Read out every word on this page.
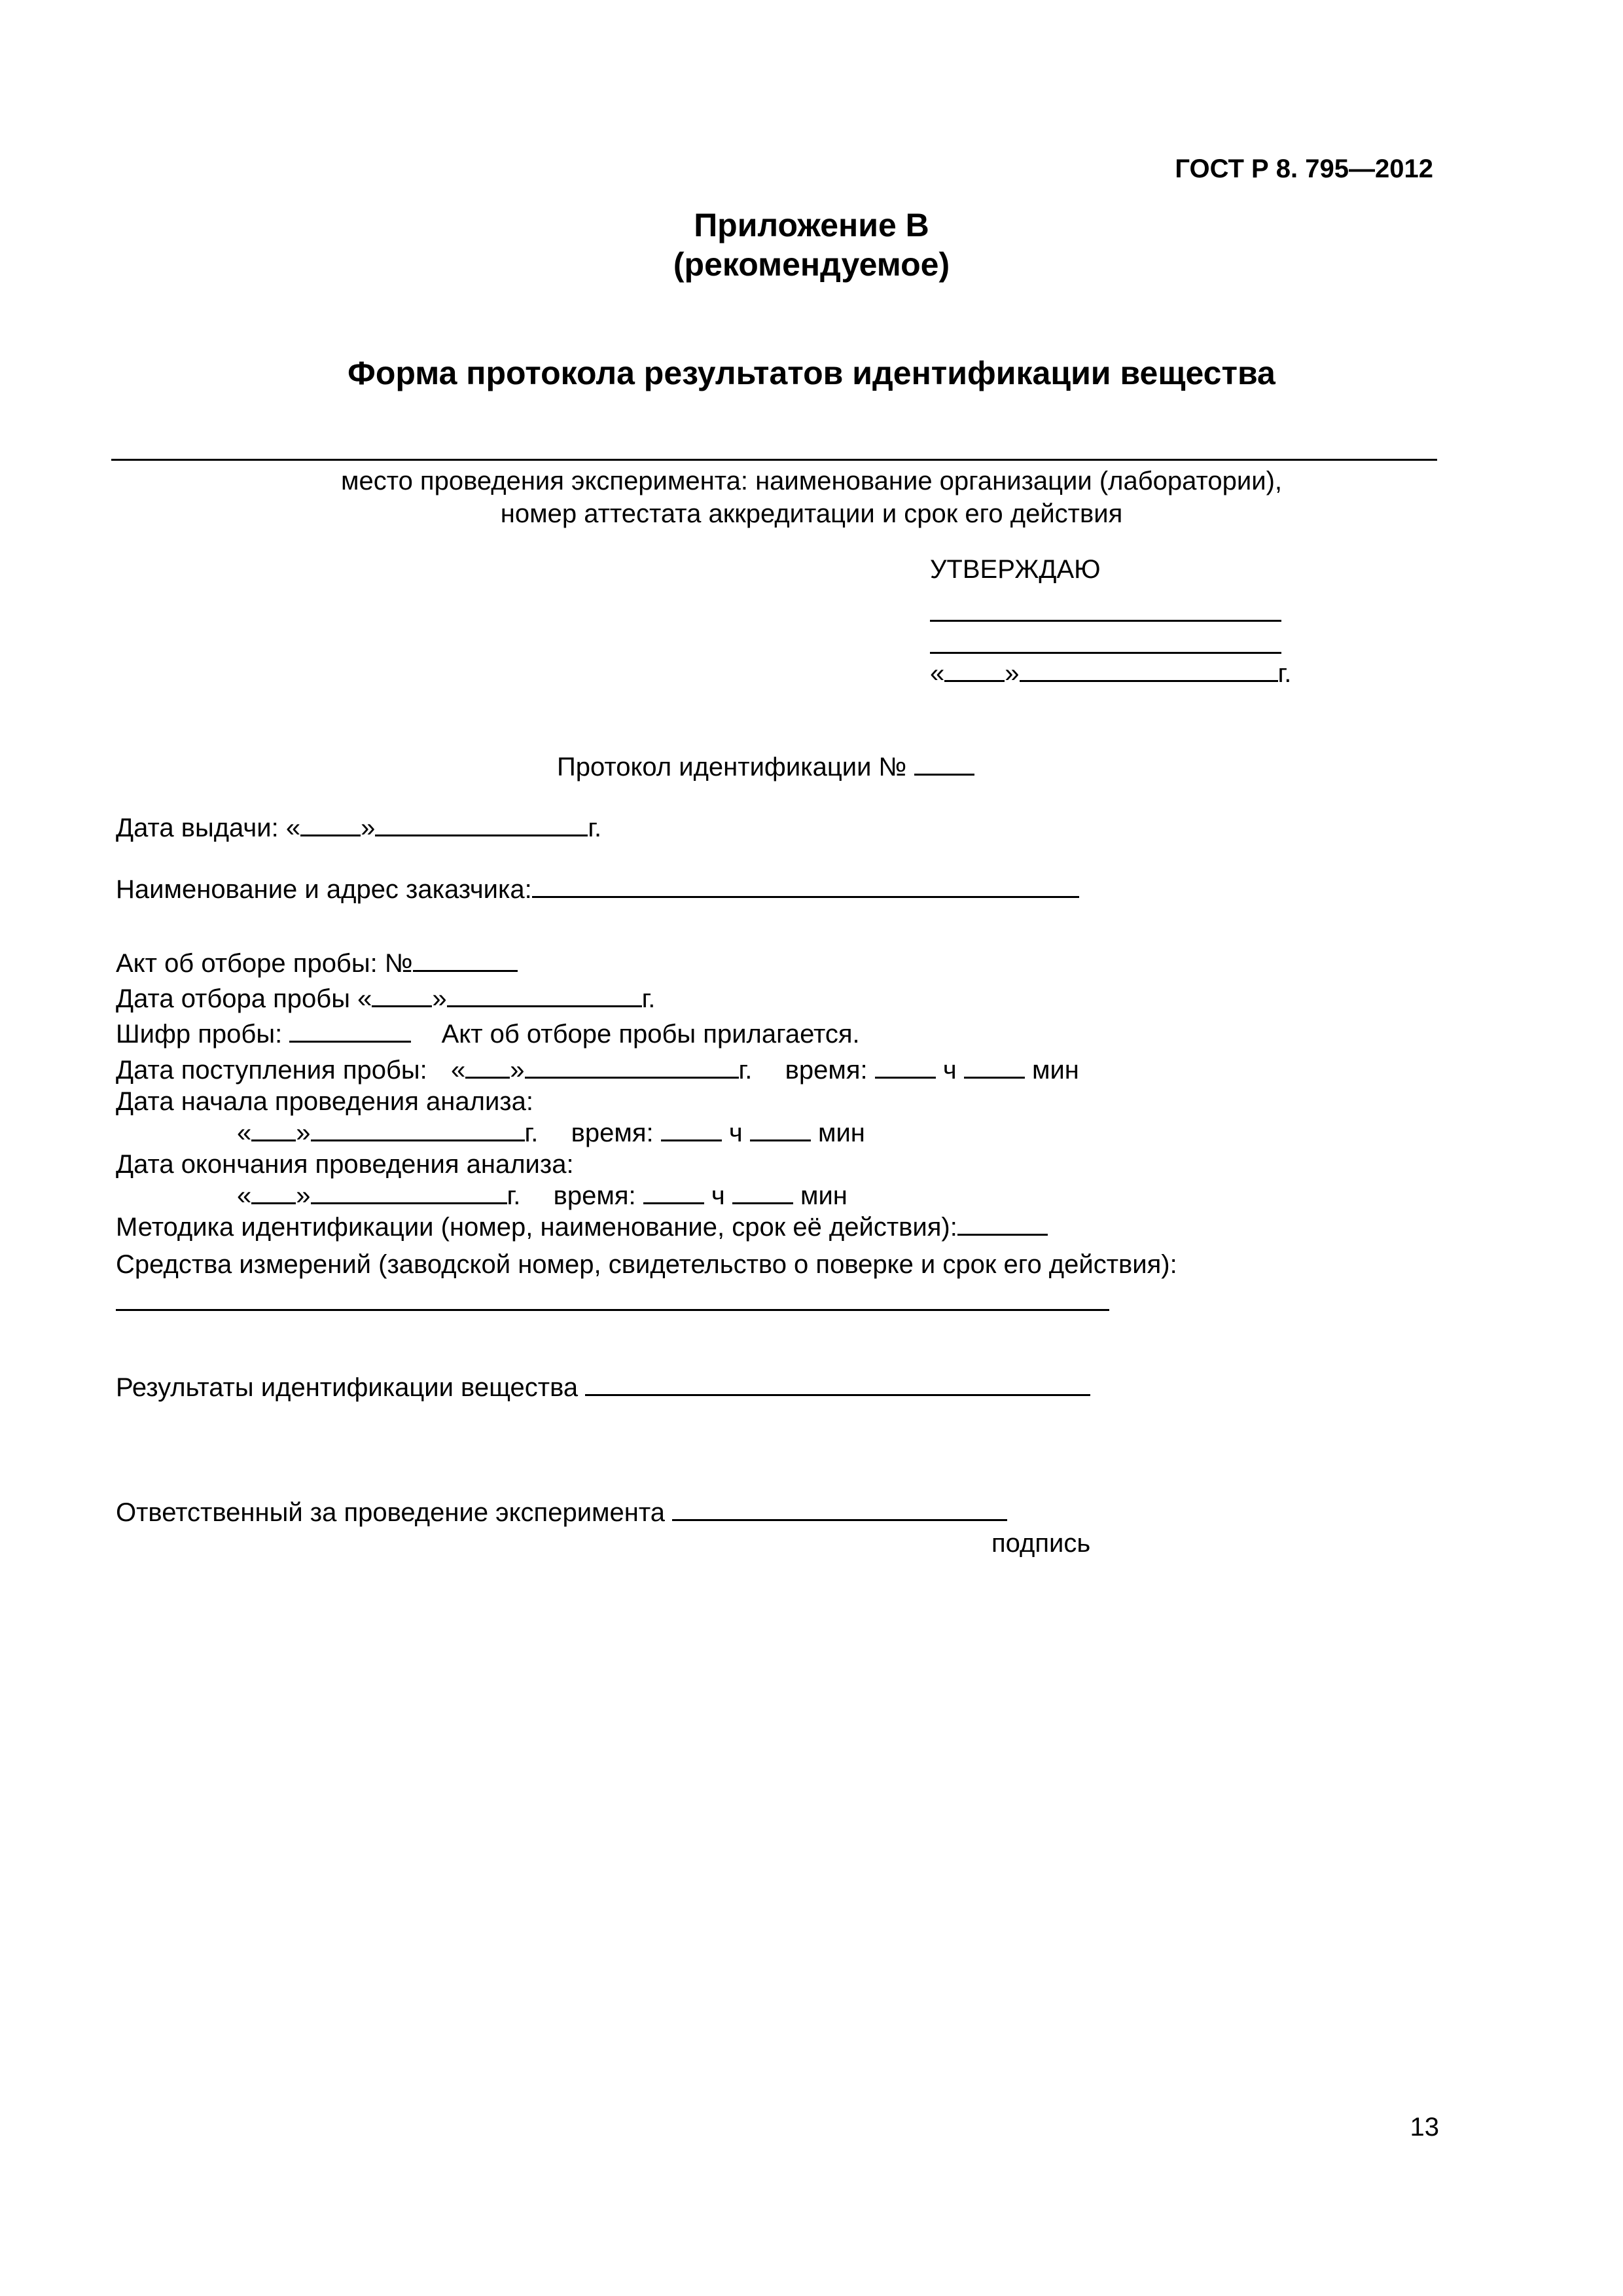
ГОСТ Р 8. 795—2012
Приложение В
(рекомендуемое)
Форма протокола результатов идентификации вещества
место проведения эксперимента: наименование организации (лаборатории),
номер аттестата аккредитации и срок его действия
УТВЕРЖДАЮ
« »	г.
Протокол идентификации №
Дата выдачи: « »	г.
Наименование и адрес заказчика:
Акт об отборе пробы: №
Дата отбора пробы « »	г.
Шифр пробы:	Акт об отборе пробы прилагается.
Дата поступления пробы: « »	г. время:	ч	мин
Дата начала проведения анализа:
« »	г. время:	ч	мин
Дата окончания проведения анализа:
« »	г. время:	ч	мин
Методика идентификации (номер, наименование, срок её действия):
Средства измерений (заводской номер, свидетельство о поверке и срок его действия):
Результаты идентификации вещества
Ответственный за проведение эксперимента
подпись
13
